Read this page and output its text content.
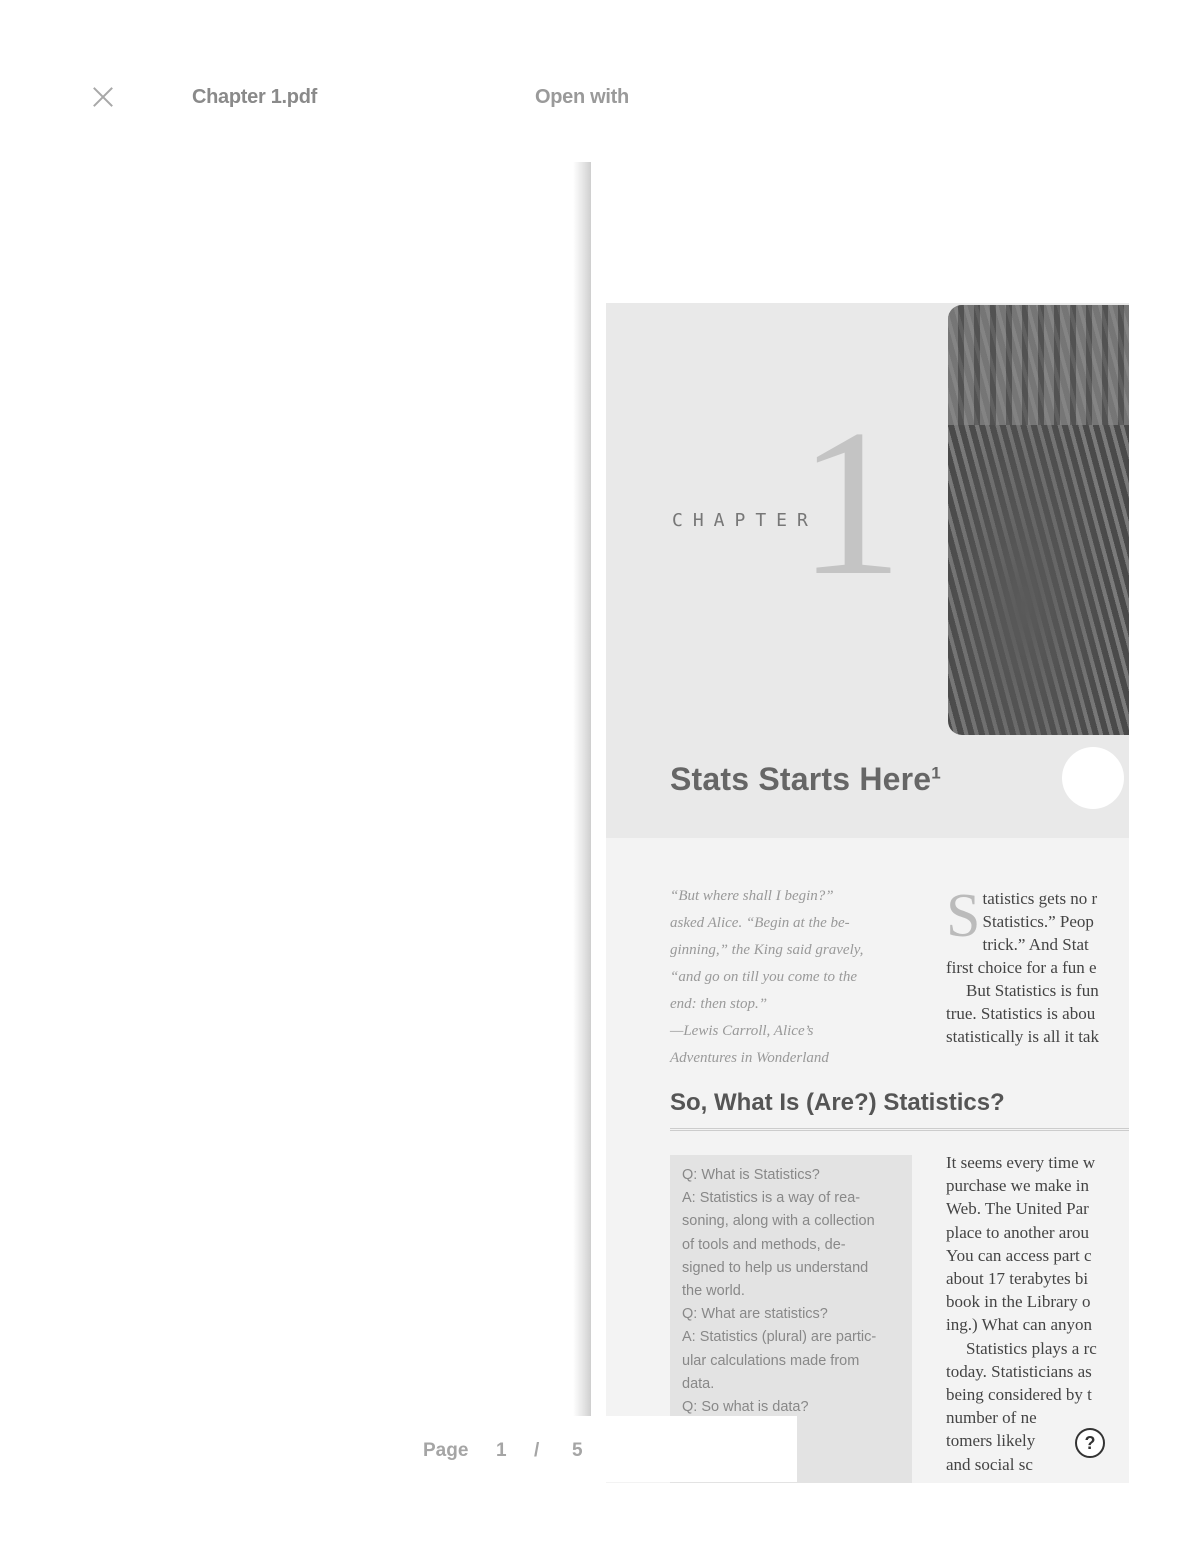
Chapter 1.pdf	Open with
1
CHAPTER
Stats Starts Here$^1$
“But where shall I begin?”
asked Alice. “Begin at the be-
ginning,” the King said gravely,
“and go on till you come to the
end: then stop.”
—Lewis Carroll, Alice’s
Adventures in Wonderland
S tatistics gets no r
Statistics.” Peop
trick.” And Stat
first choice for a fun e
But Statistics is fun
true. Statistics is abou
statistically is all it tak
So, What Is (Are?) Statistics?
Q: What is Statistics?
A: Statistics is a way of rea-
soning, along with a collection
of tools and methods, de-
signed to help us understand
the world.
Q: What are statistics?
A: Statistics (plural) are partic-
ular calculations made from
data.
Q: So what is data?
It seems every time w
purchase we make in
Web. The United Par
place to another arou
You can access part c
about 17 terabytes bi
book in the Library o
ing.) What can anyon
Statistics plays a rc
today. Statisticians as
being considered by t
number of ne
tomers likely
and social sc
?
Page 1 / 5
